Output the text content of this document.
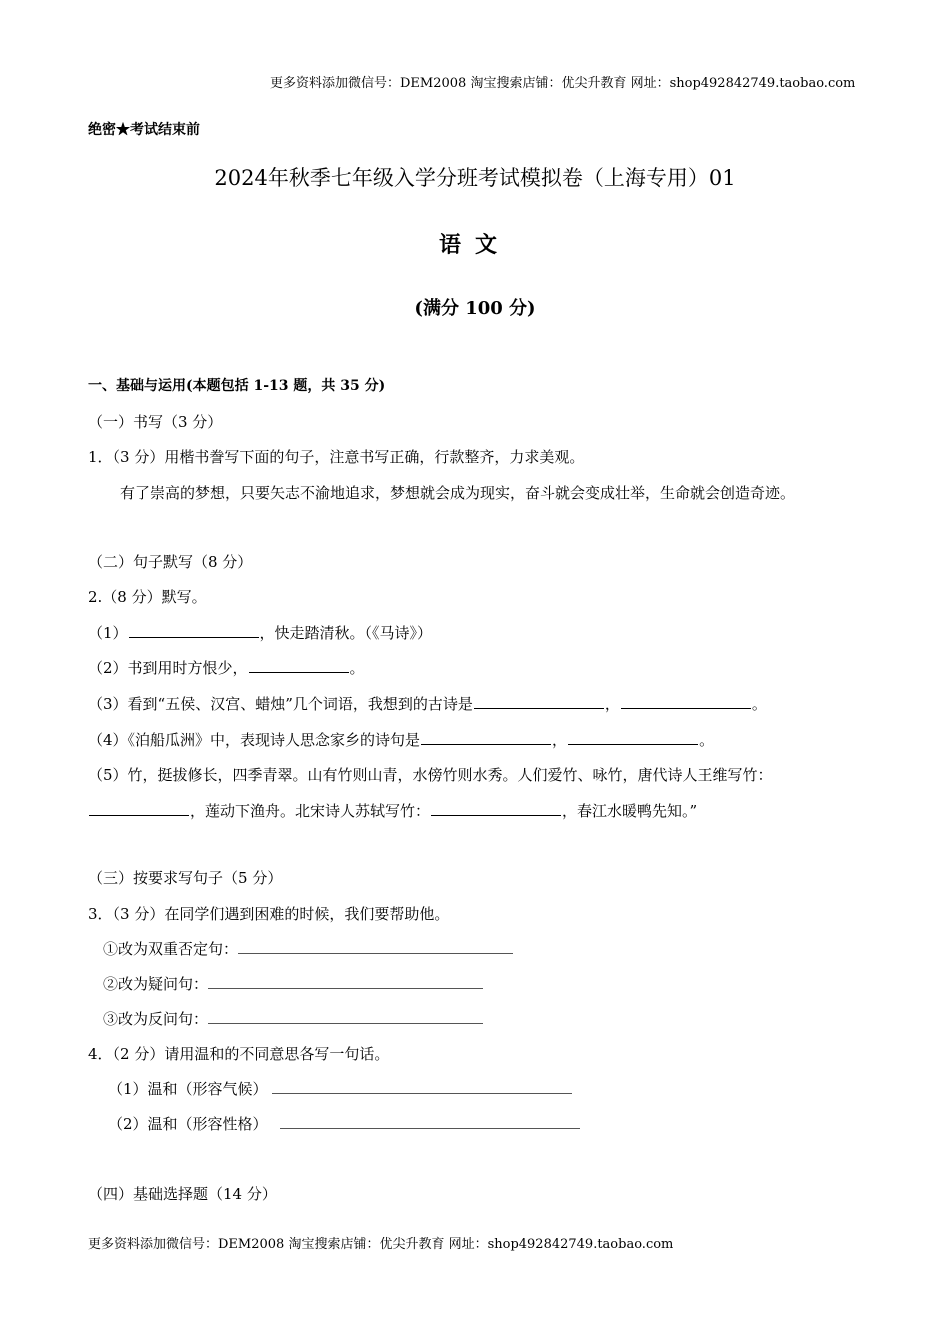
更多资料添加微信号：DEM2008 淘宝搜索店铺：优尖升教育 网址：shop492842749.taobao.com
绝密★考试结束前
2024年秋季七年级入学分班考试模拟卷（上海专用）01
语文
(满分 100 分)
一、基础与运用(本题包括 1-13 题，共 35 分)
（一）书写（3 分）
1．（3 分）用楷书誊写下面的句子，注意书写正确，行款整齐，力求美观。
有了崇高的梦想，只要矢志不渝地追求，梦想就会成为现实，奋斗就会变成壮举，生命就会创造奇迹。
（二）句子默写（8 分）
2.（8 分）默写。
（1）	，快走踏清秋。（《马诗》）
（2）书到用时方恨少，	。
（3）看到“五侯、汉宫、蜡烛”几个词语，我想到的古诗是	，	。
（4）《泊船瓜洲》中，表现诗人思念家乡的诗句是	，	。
（5）竹，挺拔修长，四季青翠。山有竹则山青，水傍竹则水秀。人们爱竹、咏竹，唐代诗人王维写竹：
，莲动下渔舟。北宋诗人苏轼写竹：	，春江水暖鸭先知。”
（三）按要求写句子（5 分）
3．（3 分）在同学们遇到困难的时候，我们要帮助他。
①改为双重否定句：
②改为疑问句：
③改为反问句：
4．（2 分）请用温和的不同意思各写一句话。
（1）温和（形容气候）
（2）温和（形容性格）
（四）基础选择题（14 分）
更多资料添加微信号：DEM2008 淘宝搜索店铺：优尖升教育 网址：shop492842749.taobao.com
